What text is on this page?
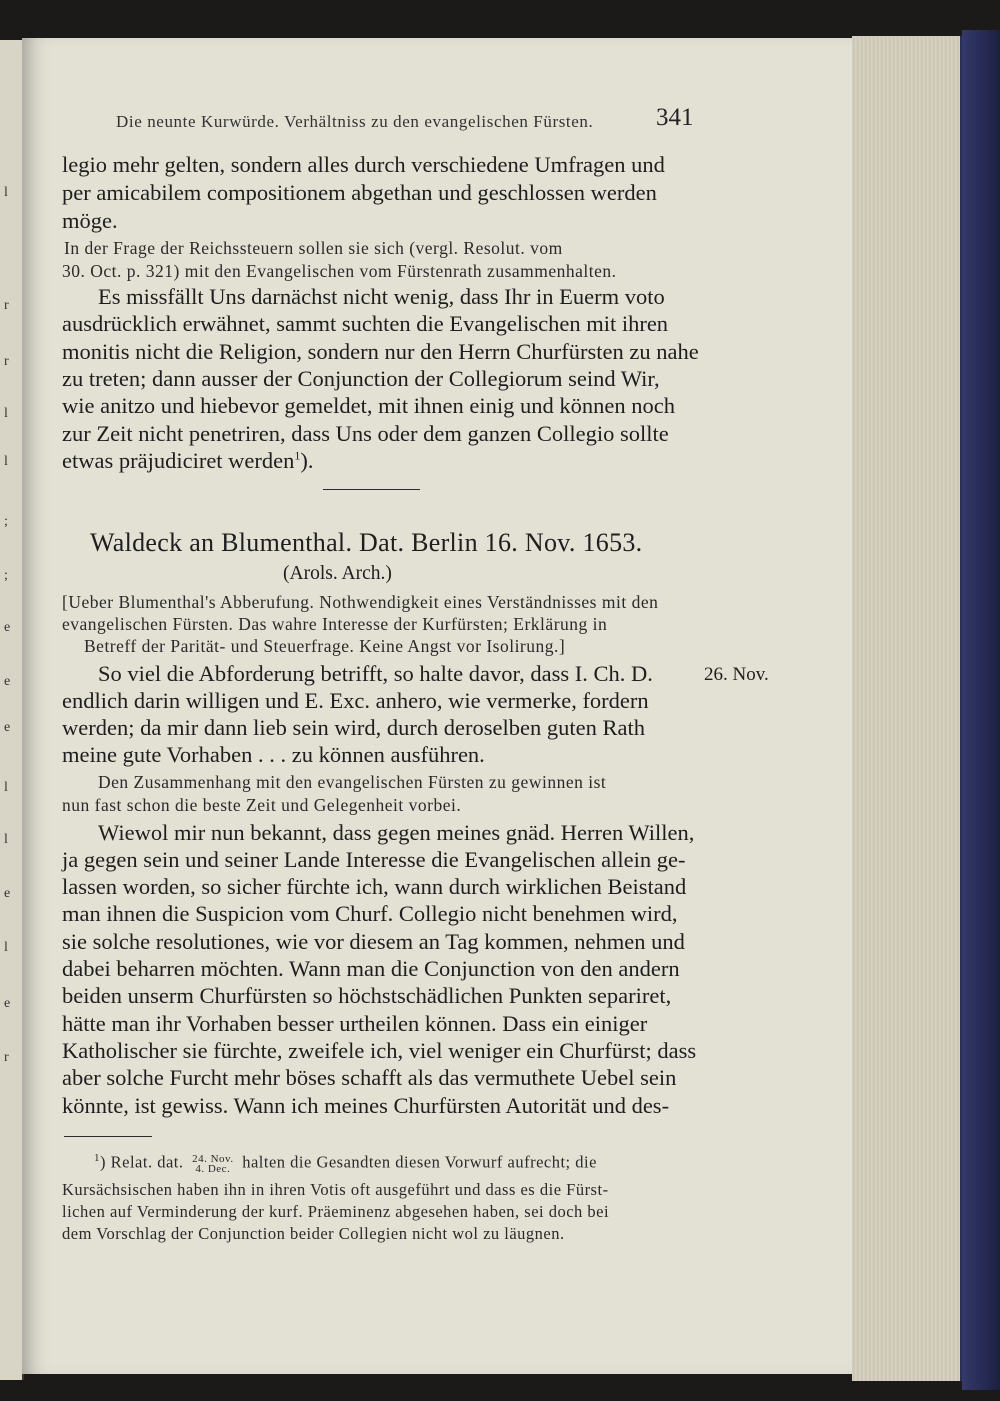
l
r
r
l
l
;
;
e
e
e
l
l
e
l
e
r
Die neunte Kurwürde. Verhältniss zu den evangelischen Fürsten.	341
legio mehr gelten, sondern alles durch verschiedene Umfragen und
per amicabilem compositionem abgethan und geschlossen werden
möge.
In der Frage der Reichssteuern sollen sie sich (vergl. Resolut. vom
30. Oct. p. 321) mit den Evangelischen vom Fürstenrath zusammenhalten.
Es missfällt Uns darnächst nicht wenig, dass Ihr in Euerm voto
ausdrücklich erwähnet, sammt suchten die Evangelischen mit ihren
monitis nicht die Religion, sondern nur den Herrn Churfürsten zu nahe
zu treten; dann ausser der Conjunction der Collegiorum seind Wir,
wie anitzo und hiebevor gemeldet, mit ihnen einig und können noch
zur Zeit nicht penetriren, dass Uns oder dem ganzen Collegio sollte
etwas präjudiciret werden$^1$).
Waldeck an Blumenthal. Dat. Berlin 16. Nov. 1653.
(Arols. Arch.)
[Ueber Blumenthal's Abberufung. Nothwendigkeit eines Verständnisses mit den
evangelischen Fürsten. Das wahre Interesse der Kurfürsten; Erklärung in
Betreff der Parität- und Steuerfrage. Keine Angst vor Isolirung.]
26. Nov.
So viel die Abforderung betrifft, so halte davor, dass I. Ch. D.
endlich darin willigen und E. Exc. anhero, wie vermerke, fordern
werden; da mir dann lieb sein wird, durch deroselben guten Rath
meine gute Vorhaben . . . zu können ausführen.
Den Zusammenhang mit den evangelischen Fürsten zu gewinnen ist
nun fast schon die beste Zeit und Gelegenheit vorbei.
Wiewol mir nun bekannt, dass gegen meines gnäd. Herren Willen,
ja gegen sein und seiner Lande Interesse die Evangelischen allein ge-
lassen worden, so sicher fürchte ich, wann durch wirklichen Beistand
man ihnen die Suspicion vom Churf. Collegio nicht benehmen wird,
sie solche resolutiones, wie vor diesem an Tag kommen, nehmen und
dabei beharren möchten. Wann man die Conjunction von den andern
beiden unserm Churfürsten so höchstschädlichen Punkten separiret,
hätte man ihr Vorhaben besser urtheilen können. Dass ein einiger
Katholischer sie fürchte, zweifele ich, viel weniger ein Churfürst; dass
aber solche Furcht mehr böses schafft als das vermuthete Uebel sein
könnte, ist gewiss. Wann ich meines Churfürsten Autorität und des-
$^1$) Relat. dat. 24. Nov.
4. Dec. halten die Gesandten diesen Vorwurf aufrecht; die
Kursächsischen haben ihn in ihren Votis oft ausgeführt und dass es die Fürst-
lichen auf Verminderung der kurf. Präeminenz abgesehen haben, sei doch bei
dem Vorschlag der Conjunction beider Collegien nicht wol zu läugnen.
